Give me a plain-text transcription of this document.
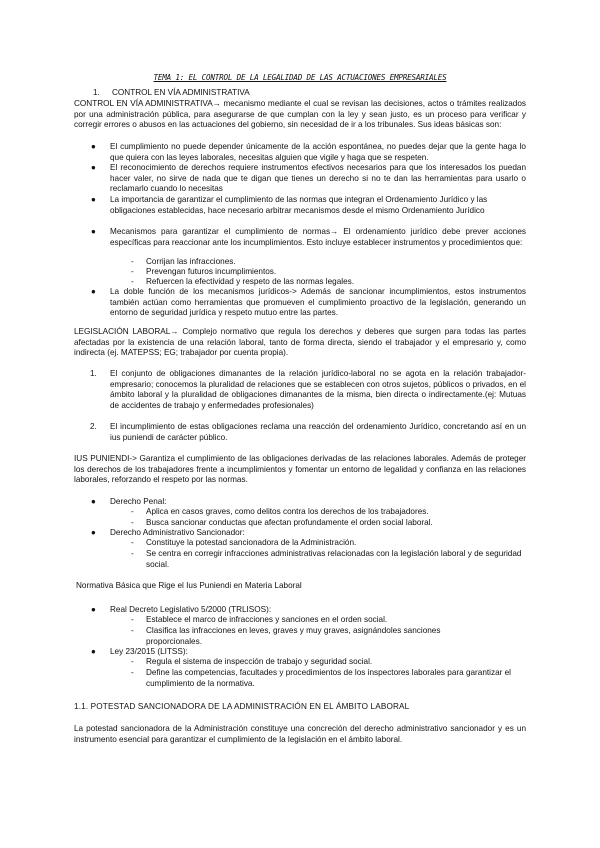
TEMA 1: EL CONTROL DE LA LEGALIDAD DE LAS ACTUACIONES EMPRESARIALES
1. CONTROL EN VÍA ADMINISTRATIVA
CONTROL EN VÍA ADMINISTRATIVA→ mecanismo mediante el cual se revisan las decisiones, actos o trámites realizados por una administración pública, para asegurarse de que cumplan con la ley y sean justo, es un proceso para verificar y corregir errores o abusos en las actuaciones del gobierno, sin necesidad de ir a los tribunales. Sus ideas básicas son:
● El cumplimiento no puede depender únicamente de la acción espontánea, no puedes dejar que la gente haga lo que quiera con las leyes laborales, necesitas alguien que vigile y haga que se respeten.
● El reconocimiento de derechos requiere instrumentos efectivos necesarios para que los interesados los puedan hacer valer, no sirve de nada que te digan que tienes un derecho si no te dan las herramientas para usarlo o reclamarlo cuando lo necesitas
● La importancia de garantizar el cumplimiento de las normas que integran el Ordenamiento Jurídico y las obligaciones establecidas, hace necesario arbitrar mecanismos desde el mismo Ordenamiento Jurídico
● Mecanismos para garantizar el cumplimiento de normas→ El ordenamiento jurídico debe prever acciones específicas para reaccionar ante los incumplimientos. Esto incluye establecer instrumentos y procedimientos que:
- Corrijan las infracciones.
- Prevengan futuros incumplimientos.
- Refuercen la efectividad y respeto de las normas legales.
● La doble función de los mecanismos jurídicos-> Además de sancionar incumplimientos, estos instrumentos también actúan como herramientas que promueven el cumplimiento proactivo de la legislación, generando un entorno de seguridad jurídica y respeto mutuo entre las partes.
LEGISLACIÓN LABORAL→ Complejo normativo que regula los derechos y deberes que surgen para todas las partes afectadas por la existencia de una relación laboral, tanto de forma directa, siendo el trabajador y el empresario y, como indirecta (ej. MATEPSS; EG; trabajador por cuenta propia).
1. El conjunto de obligaciones dimanantes de la relación jurídico-laboral no se agota en la relación trabajador-empresario; conocemos la pluralidad de relaciones que se establecen con otros sujetos, públicos o privados, en el ámbito laboral y la pluralidad de obligaciones dimanantes de la misma, bien directa o indirectamente.(ej: Mutuas de accidentes de trabajo y enfermedades profesionales)
2. El incumplimiento de estas obligaciones reclama una reacción del ordenamiento Jurídico, concretando así en un ius puniendi de carácter público.
IUS PUNIENDI-> Garantiza el cumplimiento de las obligaciones derivadas de las relaciones laborales. Además de proteger los derechos de los trabajadores frente a incumplimientos y fomentar un entorno de legalidad y confianza en las relaciones laborales, reforzando el respeto por las normas.
● Derecho Penal:
- Aplica en casos graves, como delitos contra los derechos de los trabajadores.
- Busca sancionar conductas que afectan profundamente el orden social laboral.
● Derecho Administrativo Sancionador:
- Constituye la potestad sancionadora de la Administración.
- Se centra en corregir infracciones administrativas relacionadas con la legislación laboral y de seguridad social.
Normativa Básica que Rige el Ius Puniendi en Materia Laboral
● Real Decreto Legislativo 5/2000 (TRLISOS):
- Establece el marco de infracciones y sanciones en el orden social.
- Clasifica las infracciones en leves, graves y muy graves, asignándoles sanciones proporcionales.
● Ley 23/2015 (LITSS):
- Regula el sistema de inspección de trabajo y seguridad social.
- Define las competencias, facultades y procedimientos de los inspectores laborales para garantizar el cumplimiento de la normativa.
1.1. POTESTAD SANCIONADORA DE LA ADMINISTRACIÓN EN EL ÁMBITO LABORAL
La potestad sancionadora de la Administración constituye una concreción del derecho administrativo sancionador y es un instrumento esencial para garantizar el cumplimiento de la legislación en el ámbito laboral.
